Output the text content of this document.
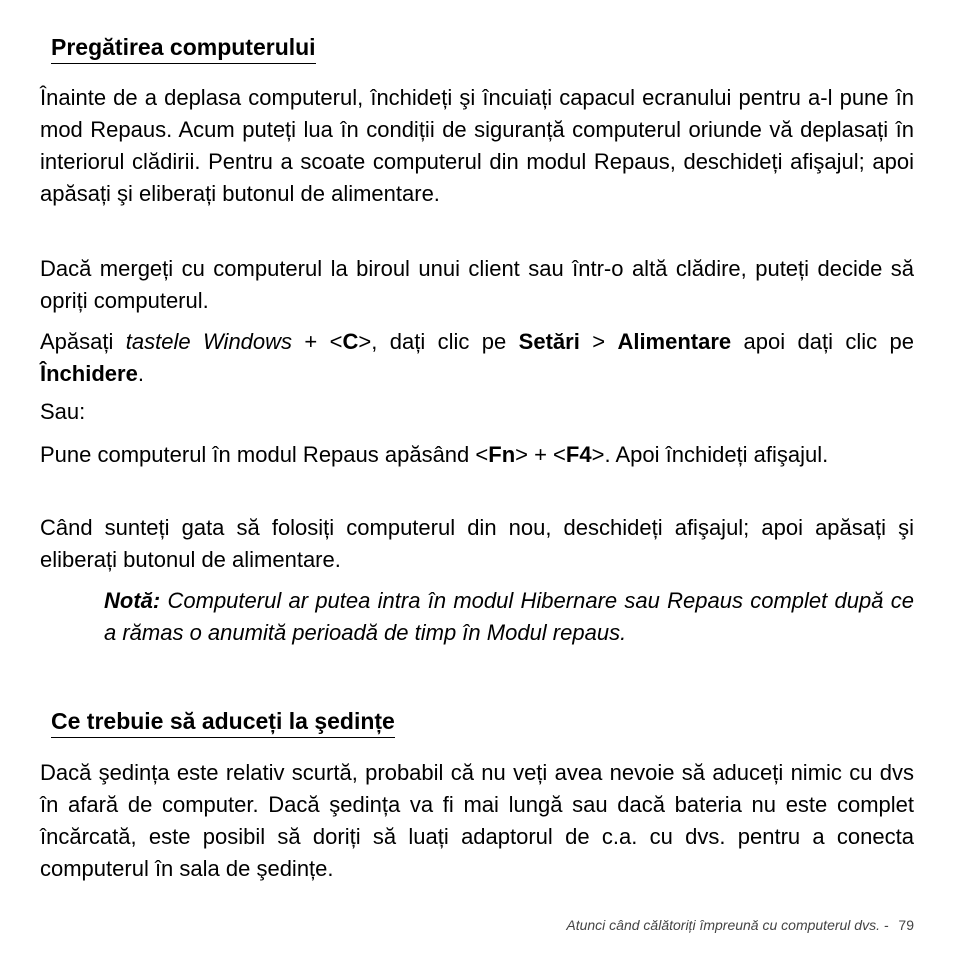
Pregătirea computerului

Înainte de a deplasa computerul, închideți şi încuiați capacul ecranului pentru a-l pune în mod Repaus. Acum puteți lua în condiții de siguranță computerul oriunde vă deplasați în interiorul clădirii. Pentru a scoate computerul din modul Repaus, deschideți afişajul; apoi apăsați şi eliberați butonul de alimentare.

Dacă mergeți cu computerul la biroul unui client sau într-o altă clădire, puteți decide să opriți computerul.

Apăsați tastele Windows + <C>, dați clic pe Setări > Alimentare apoi dați clic pe Închidere.

Sau:

Pune computerul în modul Repaus apăsând <Fn> + <F4>. Apoi închideți afişajul.

Când sunteți gata să folosiți computerul din nou, deschideți afişajul; apoi apăsați şi eliberați butonul de alimentare.

Notă: Computerul ar putea intra în modul Hibernare sau Repaus complet după ce a rămas o anumită perioadă de timp în Modul repaus.

Ce trebuie să aduceți la şedințe

Dacă şedința este relativ scurtă, probabil că nu veți avea nevoie să aduceți nimic cu dvs în afară de computer. Dacă şedința va fi mai lungă sau dacă bateria nu este complet încărcată, este posibil să doriți să luați adaptorul de c.a. cu dvs. pentru a conecta computerul în sala de şedințe.

Atunci când călătoriți împreună cu computerul dvs. - 79
